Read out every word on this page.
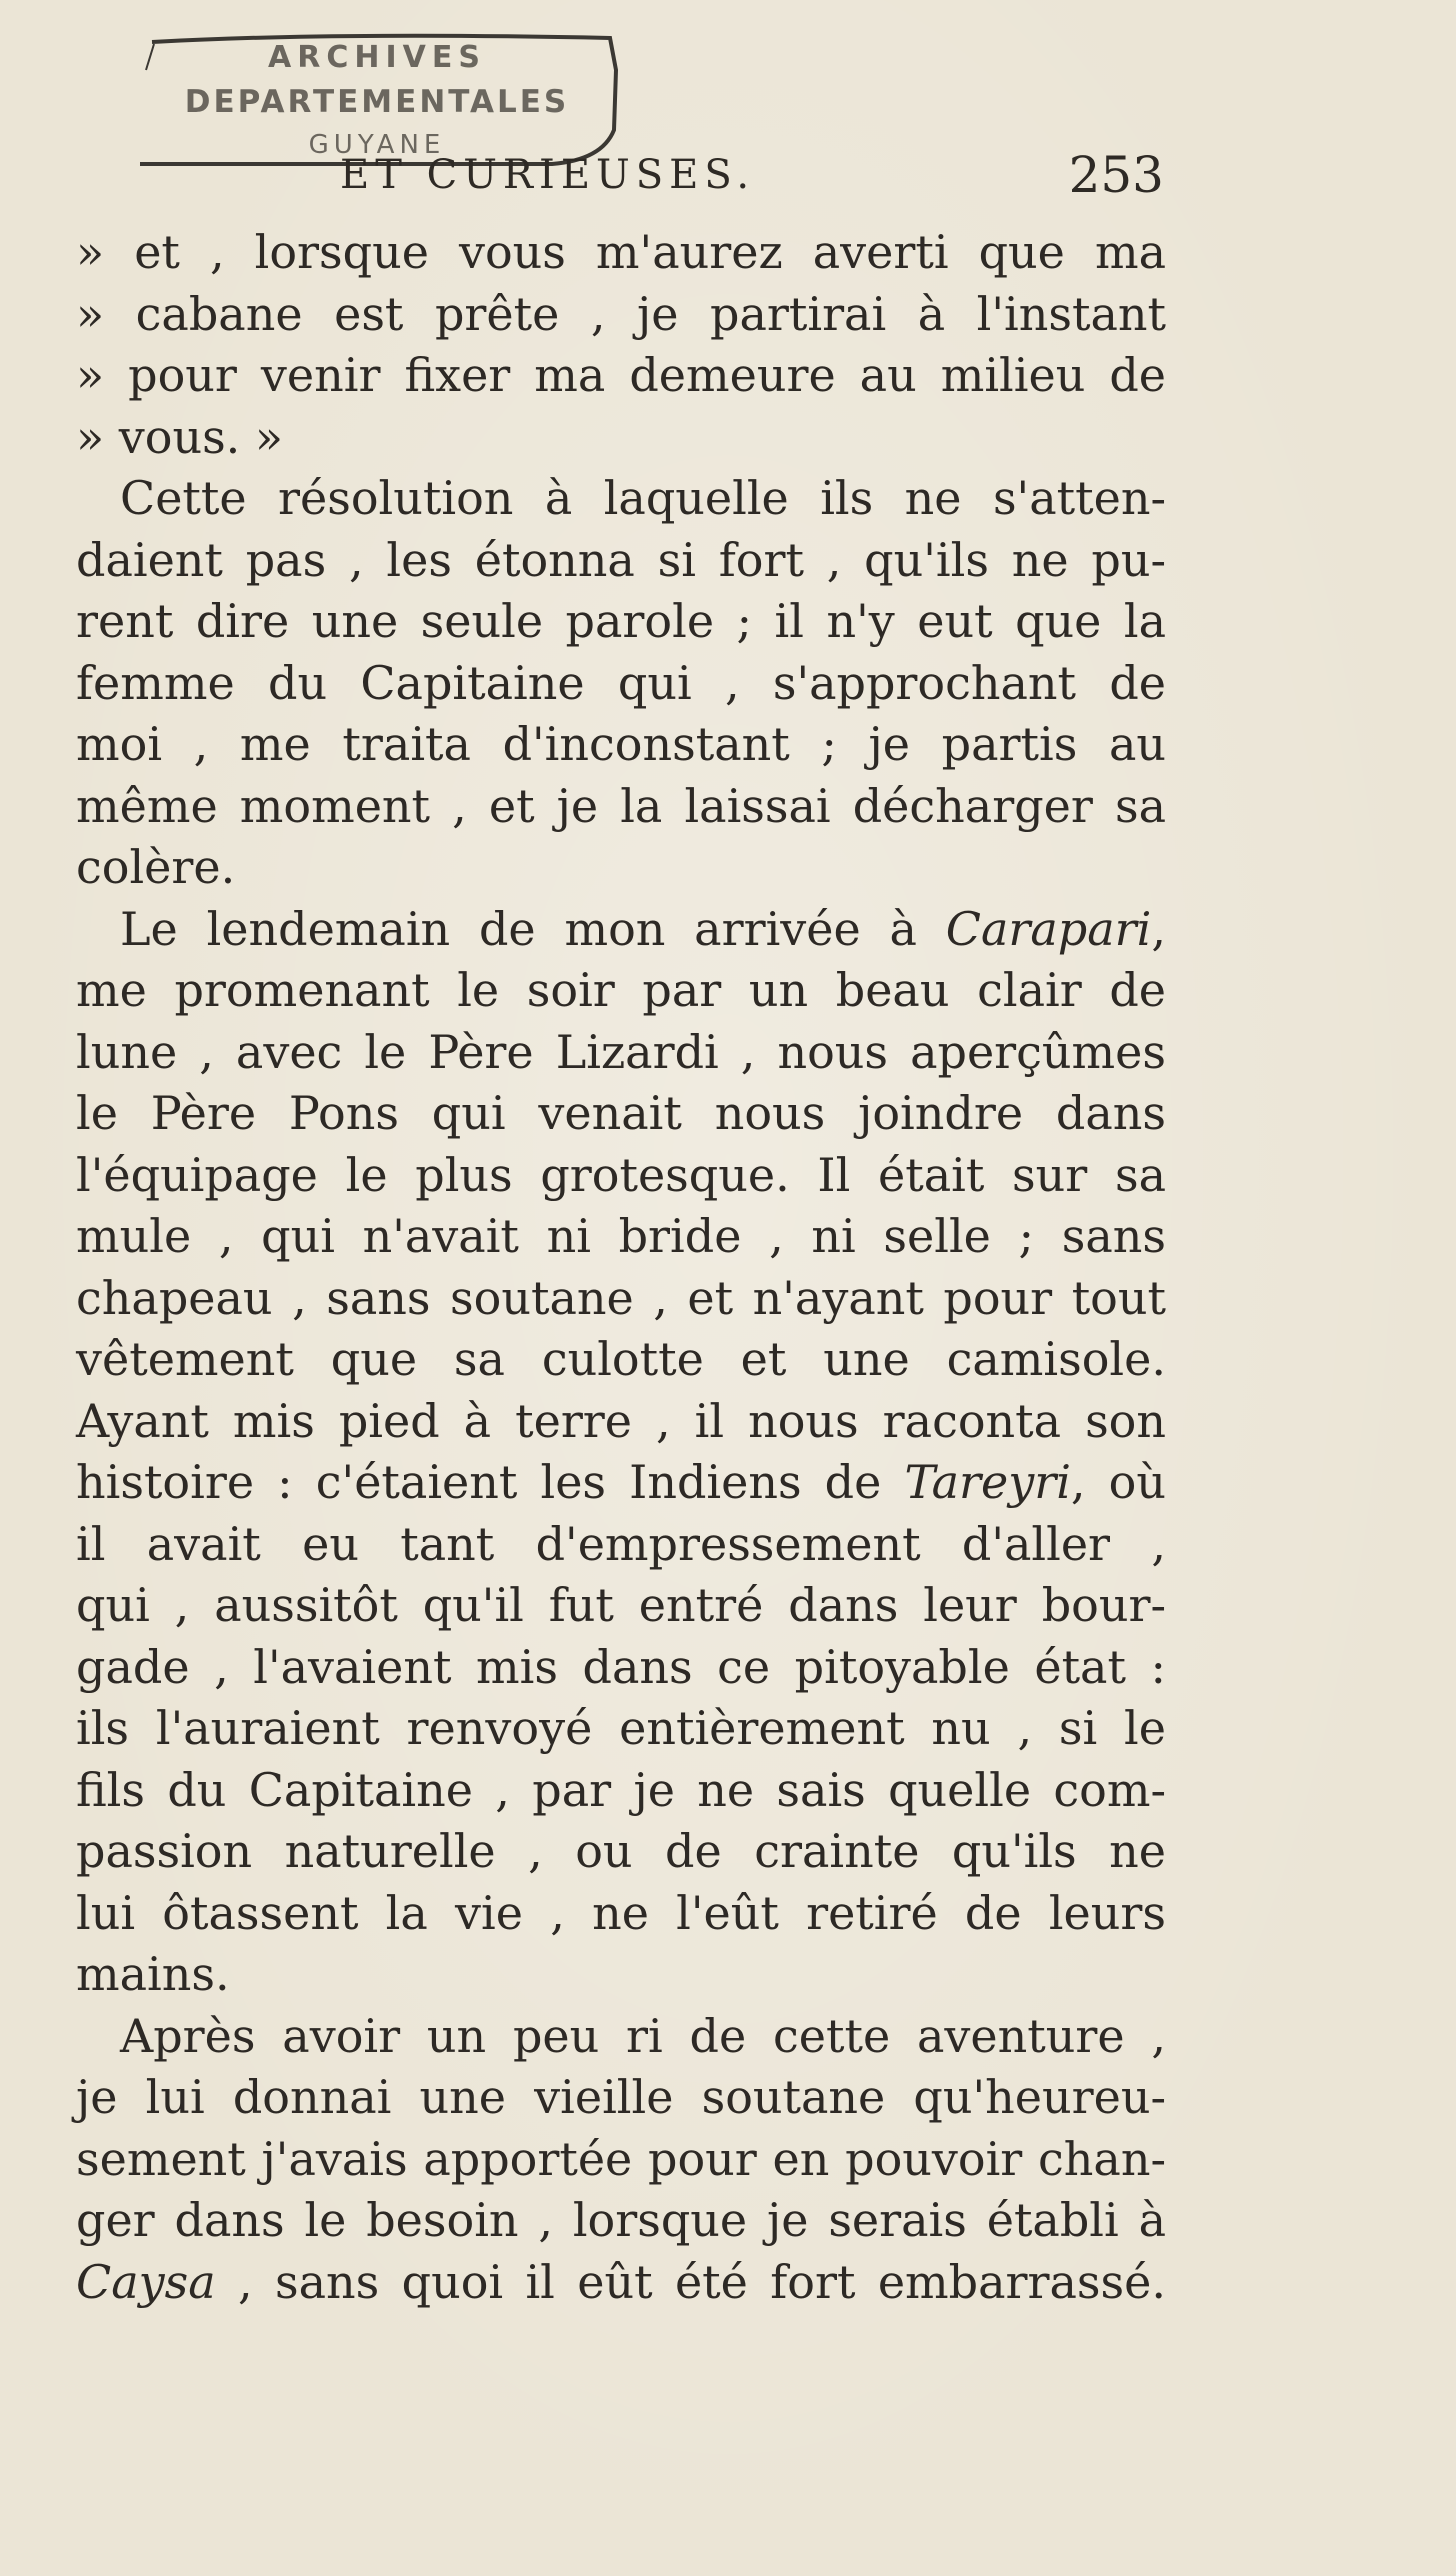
ARCHIVES
DEPARTEMENTALES
GUYANE
ET CURIEUSES.	253
» et , lorsque vous m'aurez averti que ma
» cabane est prête , je partirai à l'instant
» pour venir fixer ma demeure au milieu de
» vous. »
Cette résolution à laquelle ils ne s'atten-
daient pas , les étonna si fort , qu'ils ne pu-
rent dire une seule parole ; il n'y eut que la
femme du Capitaine qui , s'approchant de
moi , me traita d'inconstant ; je partis au
même moment , et je la laissai décharger sa
colère.
Le lendemain de mon arrivée à Carapari,
me promenant le soir par un beau clair de
lune , avec le Père Lizardi , nous aperçûmes
le Père Pons qui venait nous joindre dans
l'équipage le plus grotesque. Il était sur sa
mule , qui n'avait ni bride , ni selle ; sans
chapeau , sans soutane , et n'ayant pour tout
vêtement que sa culotte et une camisole.
Ayant mis pied à terre , il nous raconta son
histoire : c'étaient les Indiens de Tareyri, où
il avait eu tant d'empressement d'aller ,
qui , aussitôt qu'il fut entré dans leur bour-
gade , l'avaient mis dans ce pitoyable état :
ils l'auraient renvoyé entièrement nu , si le
fils du Capitaine , par je ne sais quelle com-
passion naturelle , ou de crainte qu'ils ne
lui ôtassent la vie , ne l'eût retiré de leurs
mains.
Après avoir un peu ri de cette aventure ,
je lui donnai une vieille soutane qu'heureu-
sement j'avais apportée pour en pouvoir chan-
ger dans le besoin , lorsque je serais établi à
Caysa , sans quoi il eût été fort embarrassé.
